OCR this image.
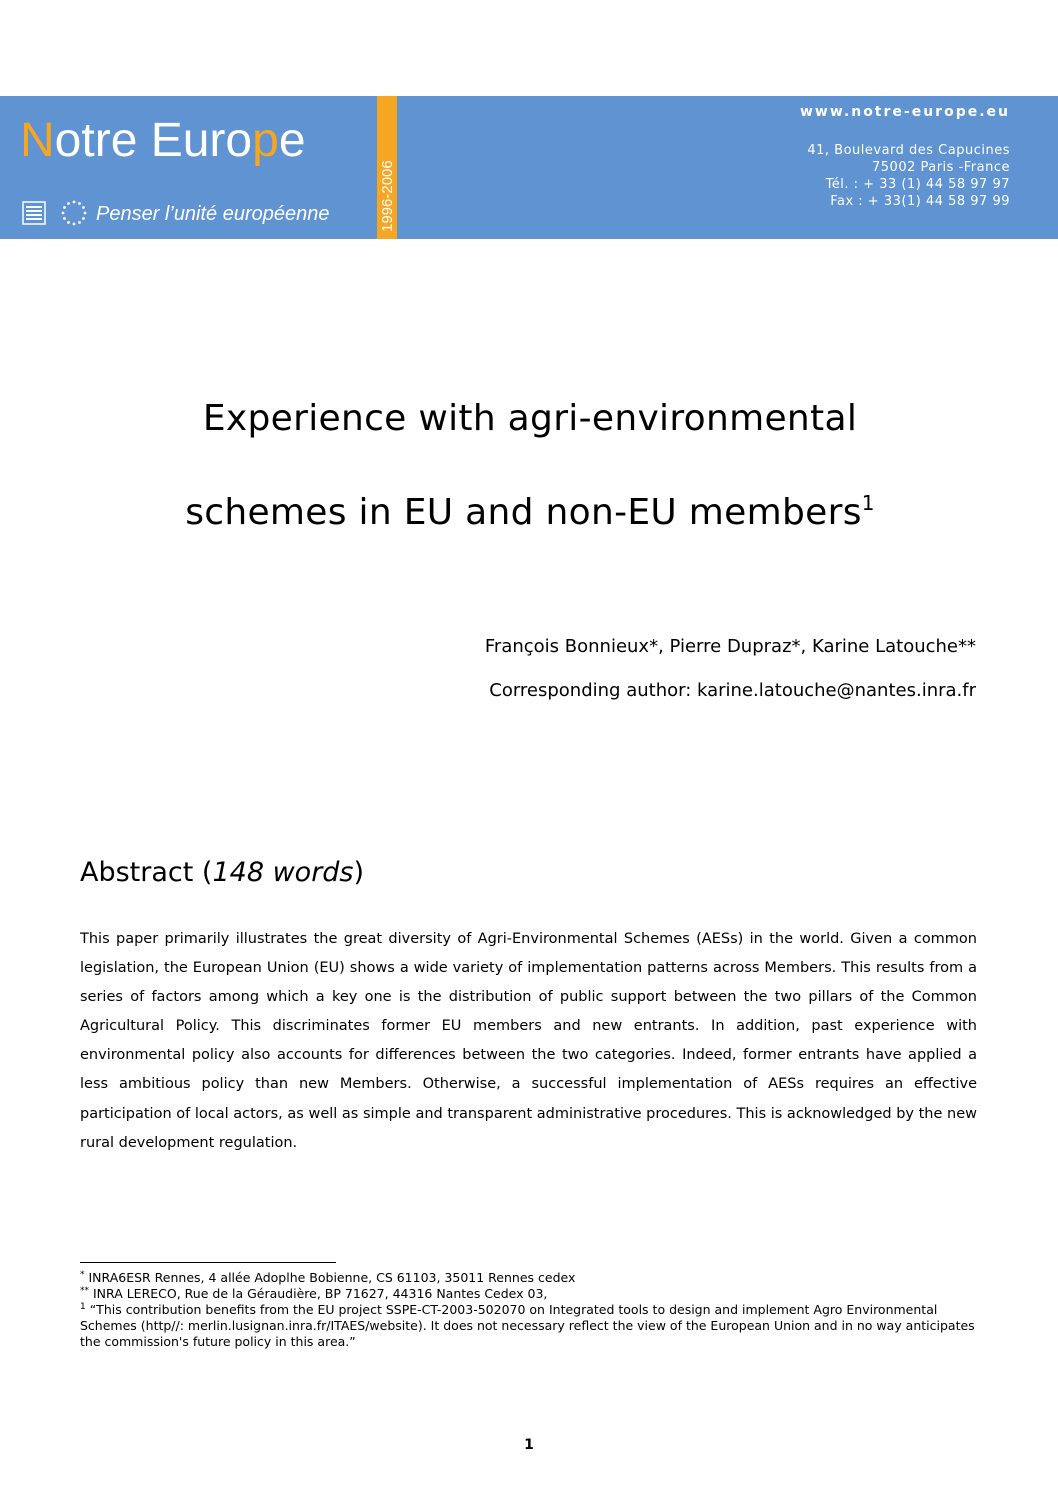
Notre Europe
1996-2006
Penser l’unité européenne
www.notre-europe.eu
41, Boulevard des Capucines
75002 Paris -France
Tél. : + 33 (1) 44 58 97 97
Fax : + 33(1) 44 58 97 99
Experience with agri-environmental
schemes in EU and non-EU members$^1$
François Bonnieux*, Pierre Dupraz*, Karine Latouche**
Corresponding author: karine.latouche@nantes.inra.fr
Abstract (148 words)
This paper primarily illustrates the great diversity of Agri-Environmental Schemes (AESs) in the world. Given a common legislation, the European Union (EU) shows a wide variety of implementation patterns across Members. This results from a series of factors among which a key one is the distribution of public support between the two pillars of the Common Agricultural Policy. This discriminates former EU members and new entrants. In addition, past experience with environmental policy also accounts for differences between the two categories. Indeed, former entrants have applied a less ambitious policy than new Members. Otherwise, a successful implementation of AESs requires an effective participation of local actors, as well as simple and transparent administrative procedures. This is acknowledged by the new rural development regulation.
* INRA6ESR Rennes, 4 allée Adoplhe Bobienne, CS 61103, 35011 Rennes cedex
** INRA LERECO, Rue de la Géraudière, BP 71627, 44316 Nantes Cedex 03,
$^1$ “This contribution benefits from the EU project SSPE-CT-2003-502070 on Integrated tools to design and implement Agro Environmental Schemes (http//: merlin.lusignan.inra.fr/ITAES/website). It does not necessary reflect the view of the European Union and in no way anticipates the commission's future policy in this area.”
1
